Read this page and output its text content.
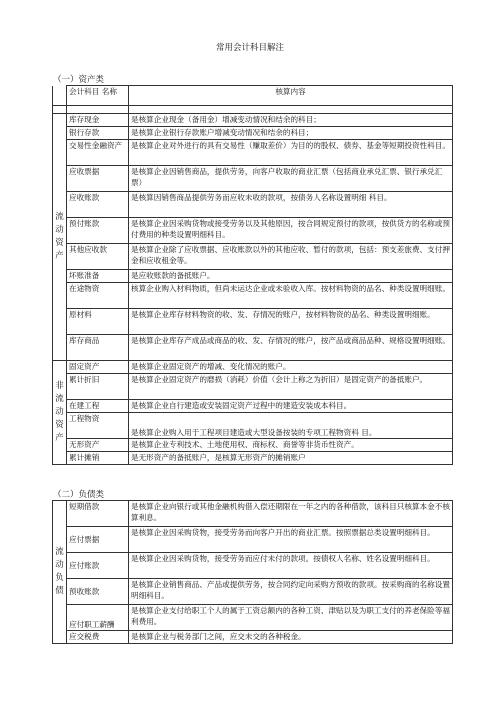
常用会计科目解注
（一）资产类
	会计科目 名称	核算内容

流动资产	库存现金	是核算企业现金（备用金）增减变动情况和结余的科目；
	银行存款	是核算企业银行存款账户增减变动情况和结余的科目；
	交易性金融资产	是核算企业对外进行的具有交易性（赚取差价）为目的的股权、债券、基金等短期投资性科目。
	应收票据	是核算企业因销售商品，提供劳务，向客户收取的商业汇票（包括商业承兑汇票、银行承兑汇票）
	应收账款	是核算因销售商品提供劳务而应收未收的款项，按债务人名称设置明细 科目。
	预付账款	是核算企业因采购货物或接受劳务以及其他原因，按合同规定预付的款项，按供货方的名称或预付费用的种类设置明细科目。
	其他应收款	是核算企业除了应收票据、应收账款以外的其他应收、暂付的款项，包括：预支差旅费、支付押金和应收租金等。
	坏账准备	是应收账款的备抵账户。
	在途物资	核算企业购入材料物质，但尚未运达企业或未验收入库。按材料物资的品名、种类设置明细账。
	原材料	是核算企业库存材料物资的收、发、存情况的账户，按材料物资的品名、种类设置明细账。
	库存商品	是核算企业库存产成品或商品的收、发、存情况的账户，按产品或商品品种、规格设置明细账。

非流动资产	固定资产	是核算企业固定资产的增减、变化情况的账户。
	累计折旧	是核算企业固定资产的磨损（消耗）价值（会计上称之为折旧）是固定资产的备抵账户。
	在建工程	是核算企业自行建造或安装固定资产过程中的建造安装成本科目。
	工程物资	是核算企业购入用于工程项目建造或大型设备按装的专项工程物资科 目。
	无形资产	是核算企业专利技术、土地使用权、商标权、商誉等非货币性资产。
	累计摊销	是无形资产的备抵账户，是核算无形资产的摊销账户
（二）负债类
流动负债	短期借款	是核算企业向银行或其他金融机构借入偿还期限在一年之内的各种借款，该科目只核算本金不核算利息。
	应付票据	是核算企业因采购货物，接受劳务而向客户开出的商业汇票。按照票据总类设置明细科目。
	应付账款	是核算企业因采购货物，接受劳务而应付未付的款项。按债权人名称、姓名设置明细科目。
	预收账款	是核算企业销售商品、产品或提供劳务，按合同约定向采购方预收的款项。按采购商的名称设置明细科目。
	应付职工薪酬	是核算企业支付给职工个人的属于工资总额内的各种工资、津贴以及为职工支付的养老保险等福利费用。
	应交税费	是核算企业与税务部门之间，应交未交的各种税金。
